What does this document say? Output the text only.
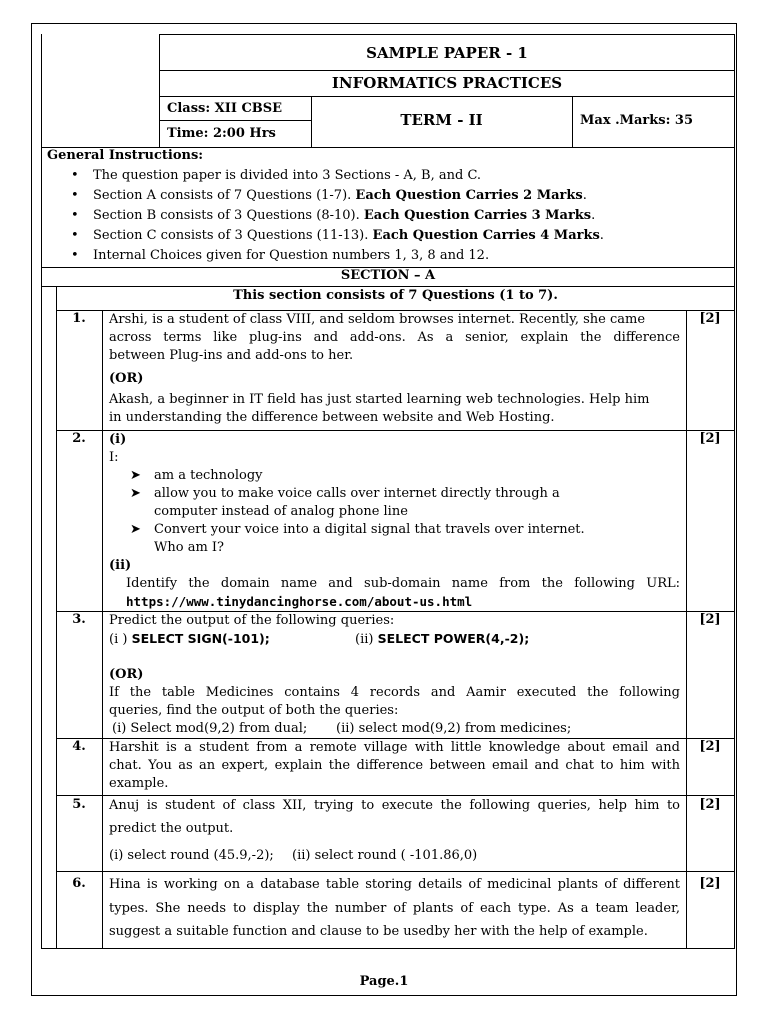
SAMPLE PAPER - 1
INFORMATICS PRACTICES
Class: XII CBSE
Time: 2:00 Hrs
TERM - II	Max .Marks: 35
General Instructions:
• The question paper is divided into 3 Sections - A, B, and C.
• Section A consists of 7 Questions (1-7). Each Question Carries 2 Marks.
• Section B consists of 3 Questions (8-10). Each Question Carries 3 Marks.
• Section C consists of 3 Questions (11-13). Each Question Carries 4 Marks.
• Internal Choices given for Question numbers 1, 3, 8 and 12.
SECTION – A
This section consists of 7 Questions (1 to 7).
1.	[2]
Arshi, is a student of class VIII, and seldom browses internet. Recently, she came
across terms like plug-ins and add-ons. As a senior, explain the difference
between Plug-ins and add-ons to her.
(OR)
Akash, a beginner in IT field has just started learning web technologies. Help him
in understanding the difference between website and Web Hosting.
2.	[2]
(i)
I:
➤ am a technology
➤ allow you to make voice calls over internet directly through a
computer instead of analog phone line
➤ Convert your voice into a digital signal that travels over internet.
Who am I?
(ii)
Identify the domain name and sub-domain name from the following URL:
https://www.tinydancinghorse.com/about-us.html
3.	[2]
Predict the output of the following queries:
(i ) SELECT SIGN(-101);	(ii) SELECT POWER(4,-2);
(OR)
If the table Medicines contains 4 records and Aamir executed the following
queries, find the output of both the queries:
(i) Select mod(9,2) from dual; (ii) select mod(9,2) from medicines;
4.	[2]
Harshit is a student from a remote village with little knowledge about email and
chat. You as an expert, explain the difference between email and chat to him with
example.
5.	[2]
Anuj is student of class XII, trying to execute the following queries, help him to
predict the output.
(i) select round (45.9,-2); (ii) select round ( -101.86,0)
6.	[2]
Hina is working on a database table storing details of medicinal plants of different
types. She needs to display the number of plants of each type. As a team leader,
suggest a suitable function and clause to be usedby her with the help of example.
Page.1
